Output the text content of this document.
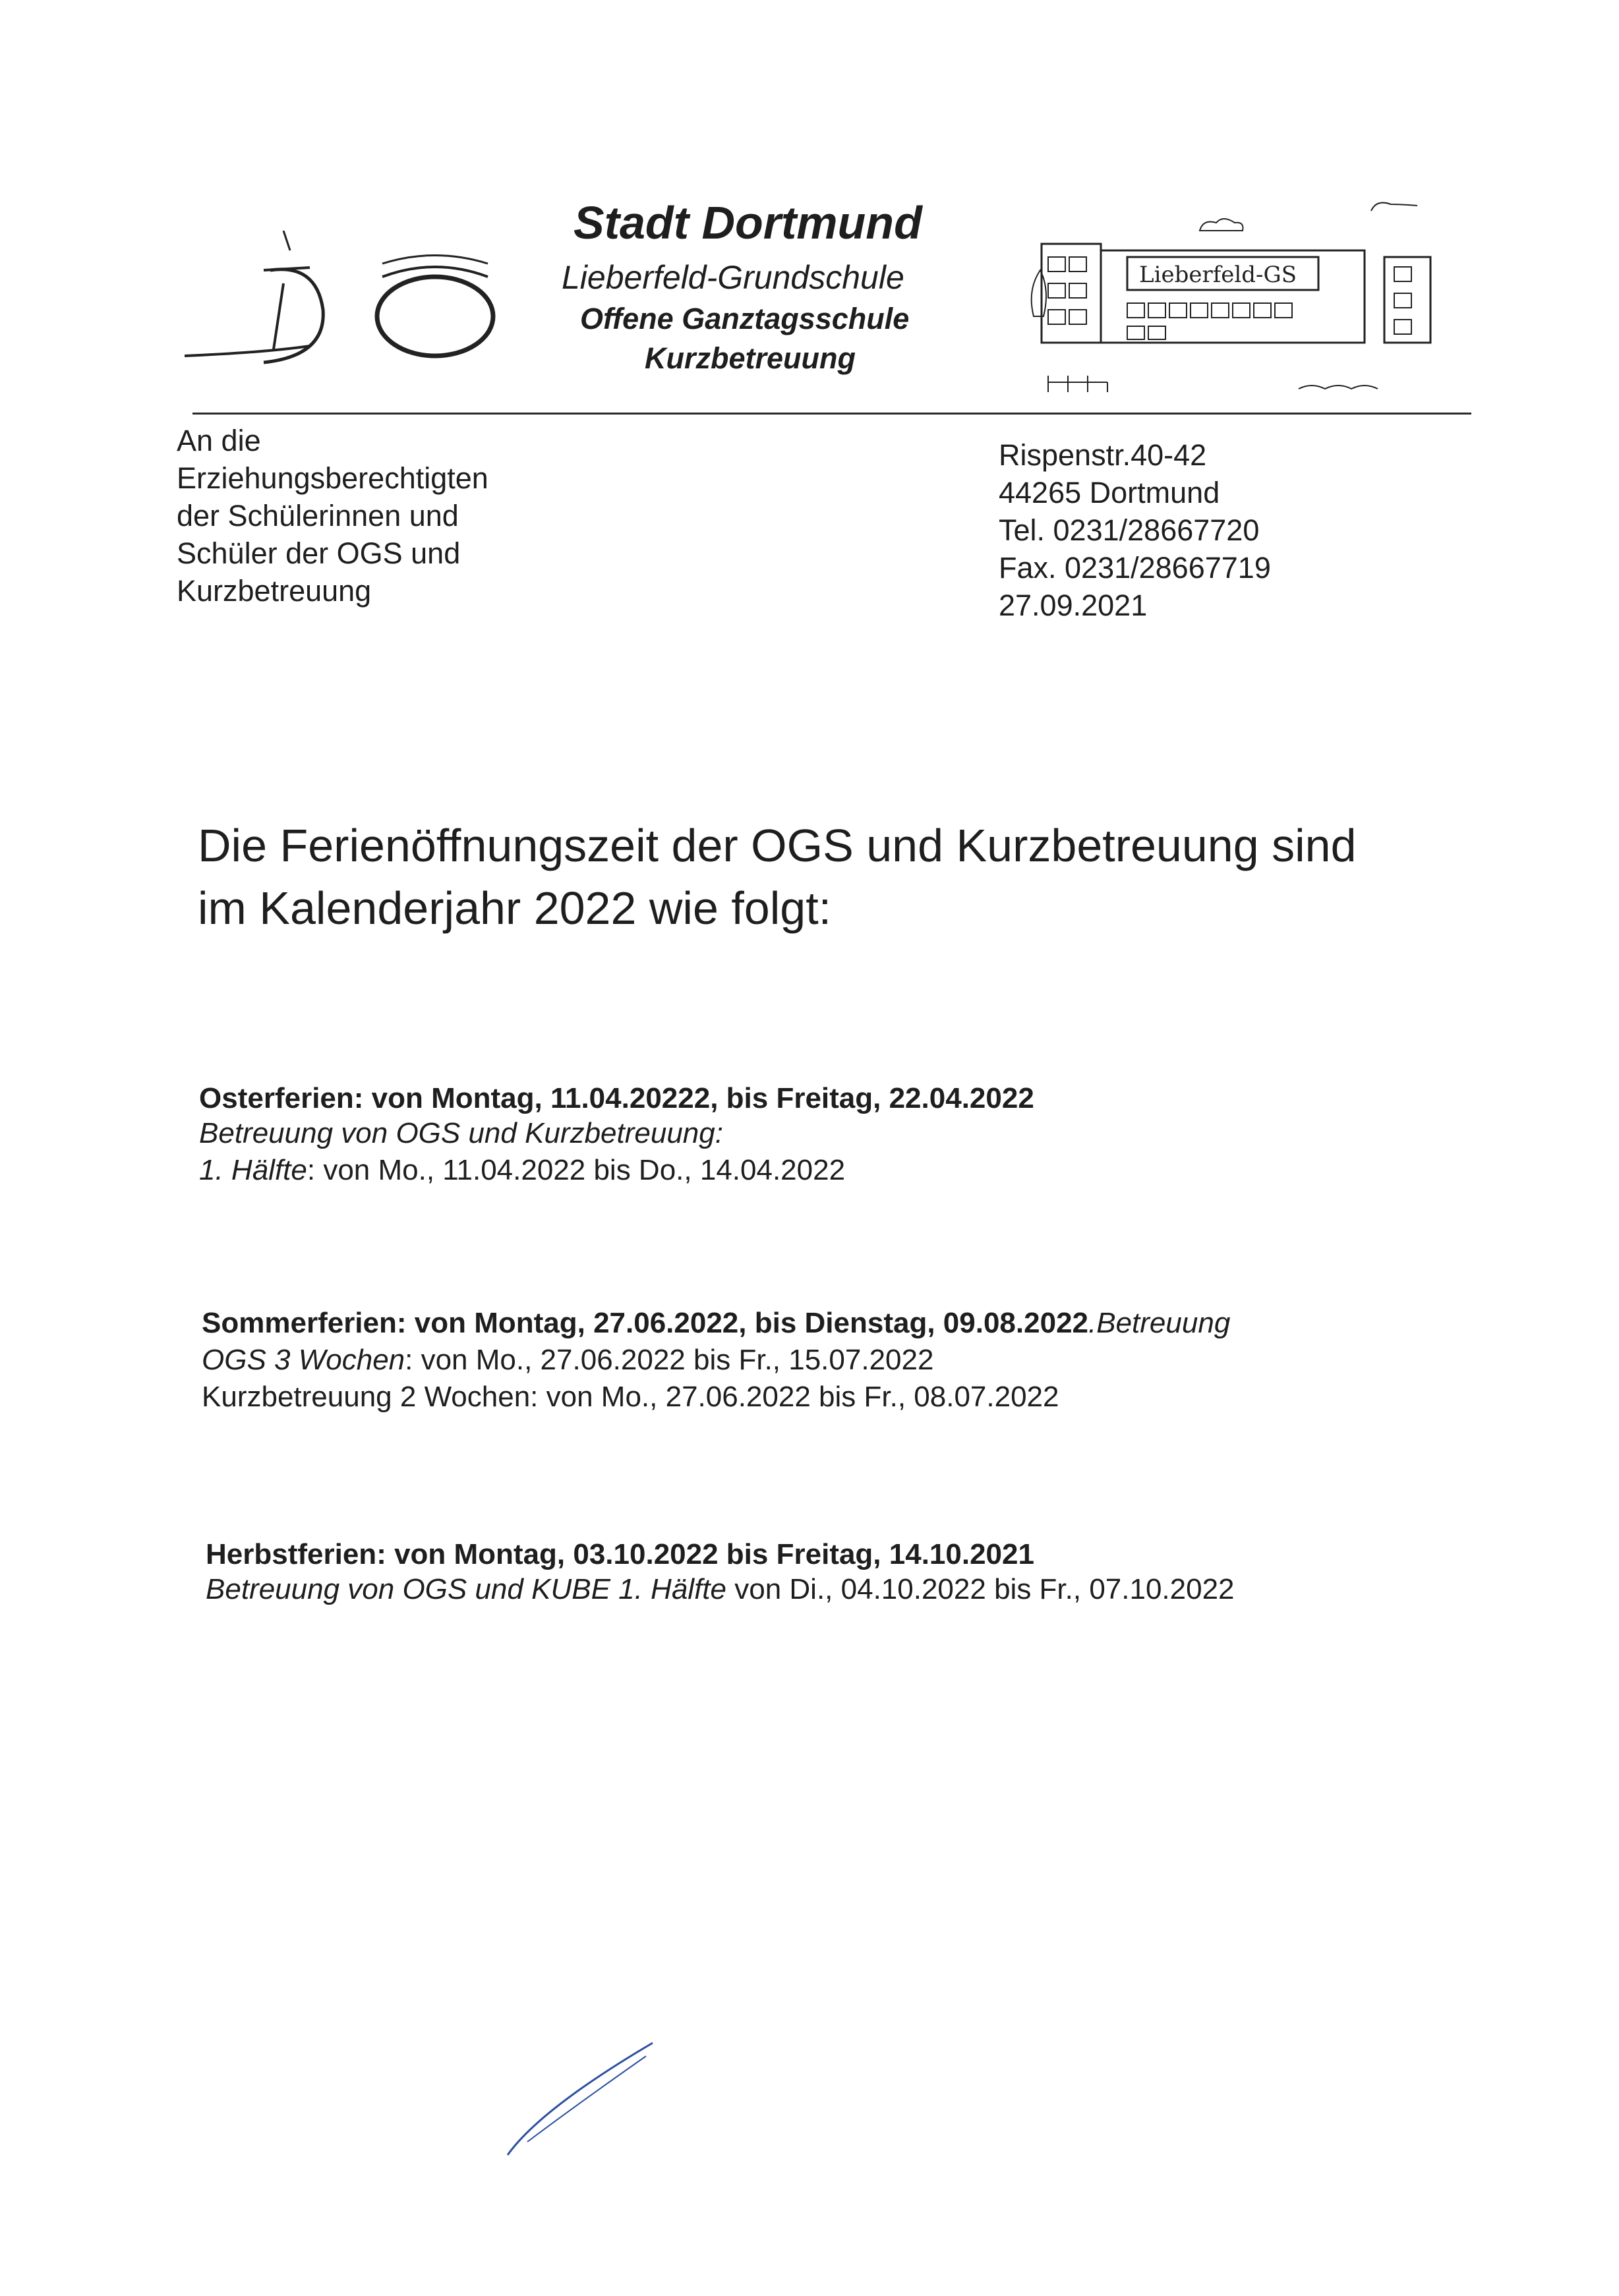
Stadt Dortmund
Lieberfeld-Grundschule
Offene Ganztagsschule
Kurzbetreuung
Lieberfeld-GS
An die
Erziehungsberechtigten
der Schülerinnen und
Schüler der OGS und
Kurzbetreuung
Rispenstr.40-42
44265 Dortmund
Tel. 0231/28667720
Fax. 0231/28667719
27.09.2021
Die Ferienöffnungszeit der OGS und Kurzbetreuung sind
im Kalenderjahr 2022 wie folgt:
Osterferien: von Montag, 11.04.20222, bis Freitag, 22.04.2022
Betreuung von OGS und Kurzbetreuung:
1. Hälfte: von Mo., 11.04.2022 bis Do., 14.04.2022
Sommerferien: von Montag, 27.06.2022, bis Dienstag, 09.08.2022.Betreuung
OGS 3 Wochen: von Mo., 27.06.2022 bis Fr., 15.07.2022
Kurzbetreuung 2 Wochen: von Mo., 27.06.2022 bis Fr., 08.07.2022
Herbstferien: von Montag, 03.10.2022 bis Freitag, 14.10.2021
Betreuung von OGS und KUBE 1. Hälfte von Di., 04.10.2022 bis Fr., 07.10.2022
